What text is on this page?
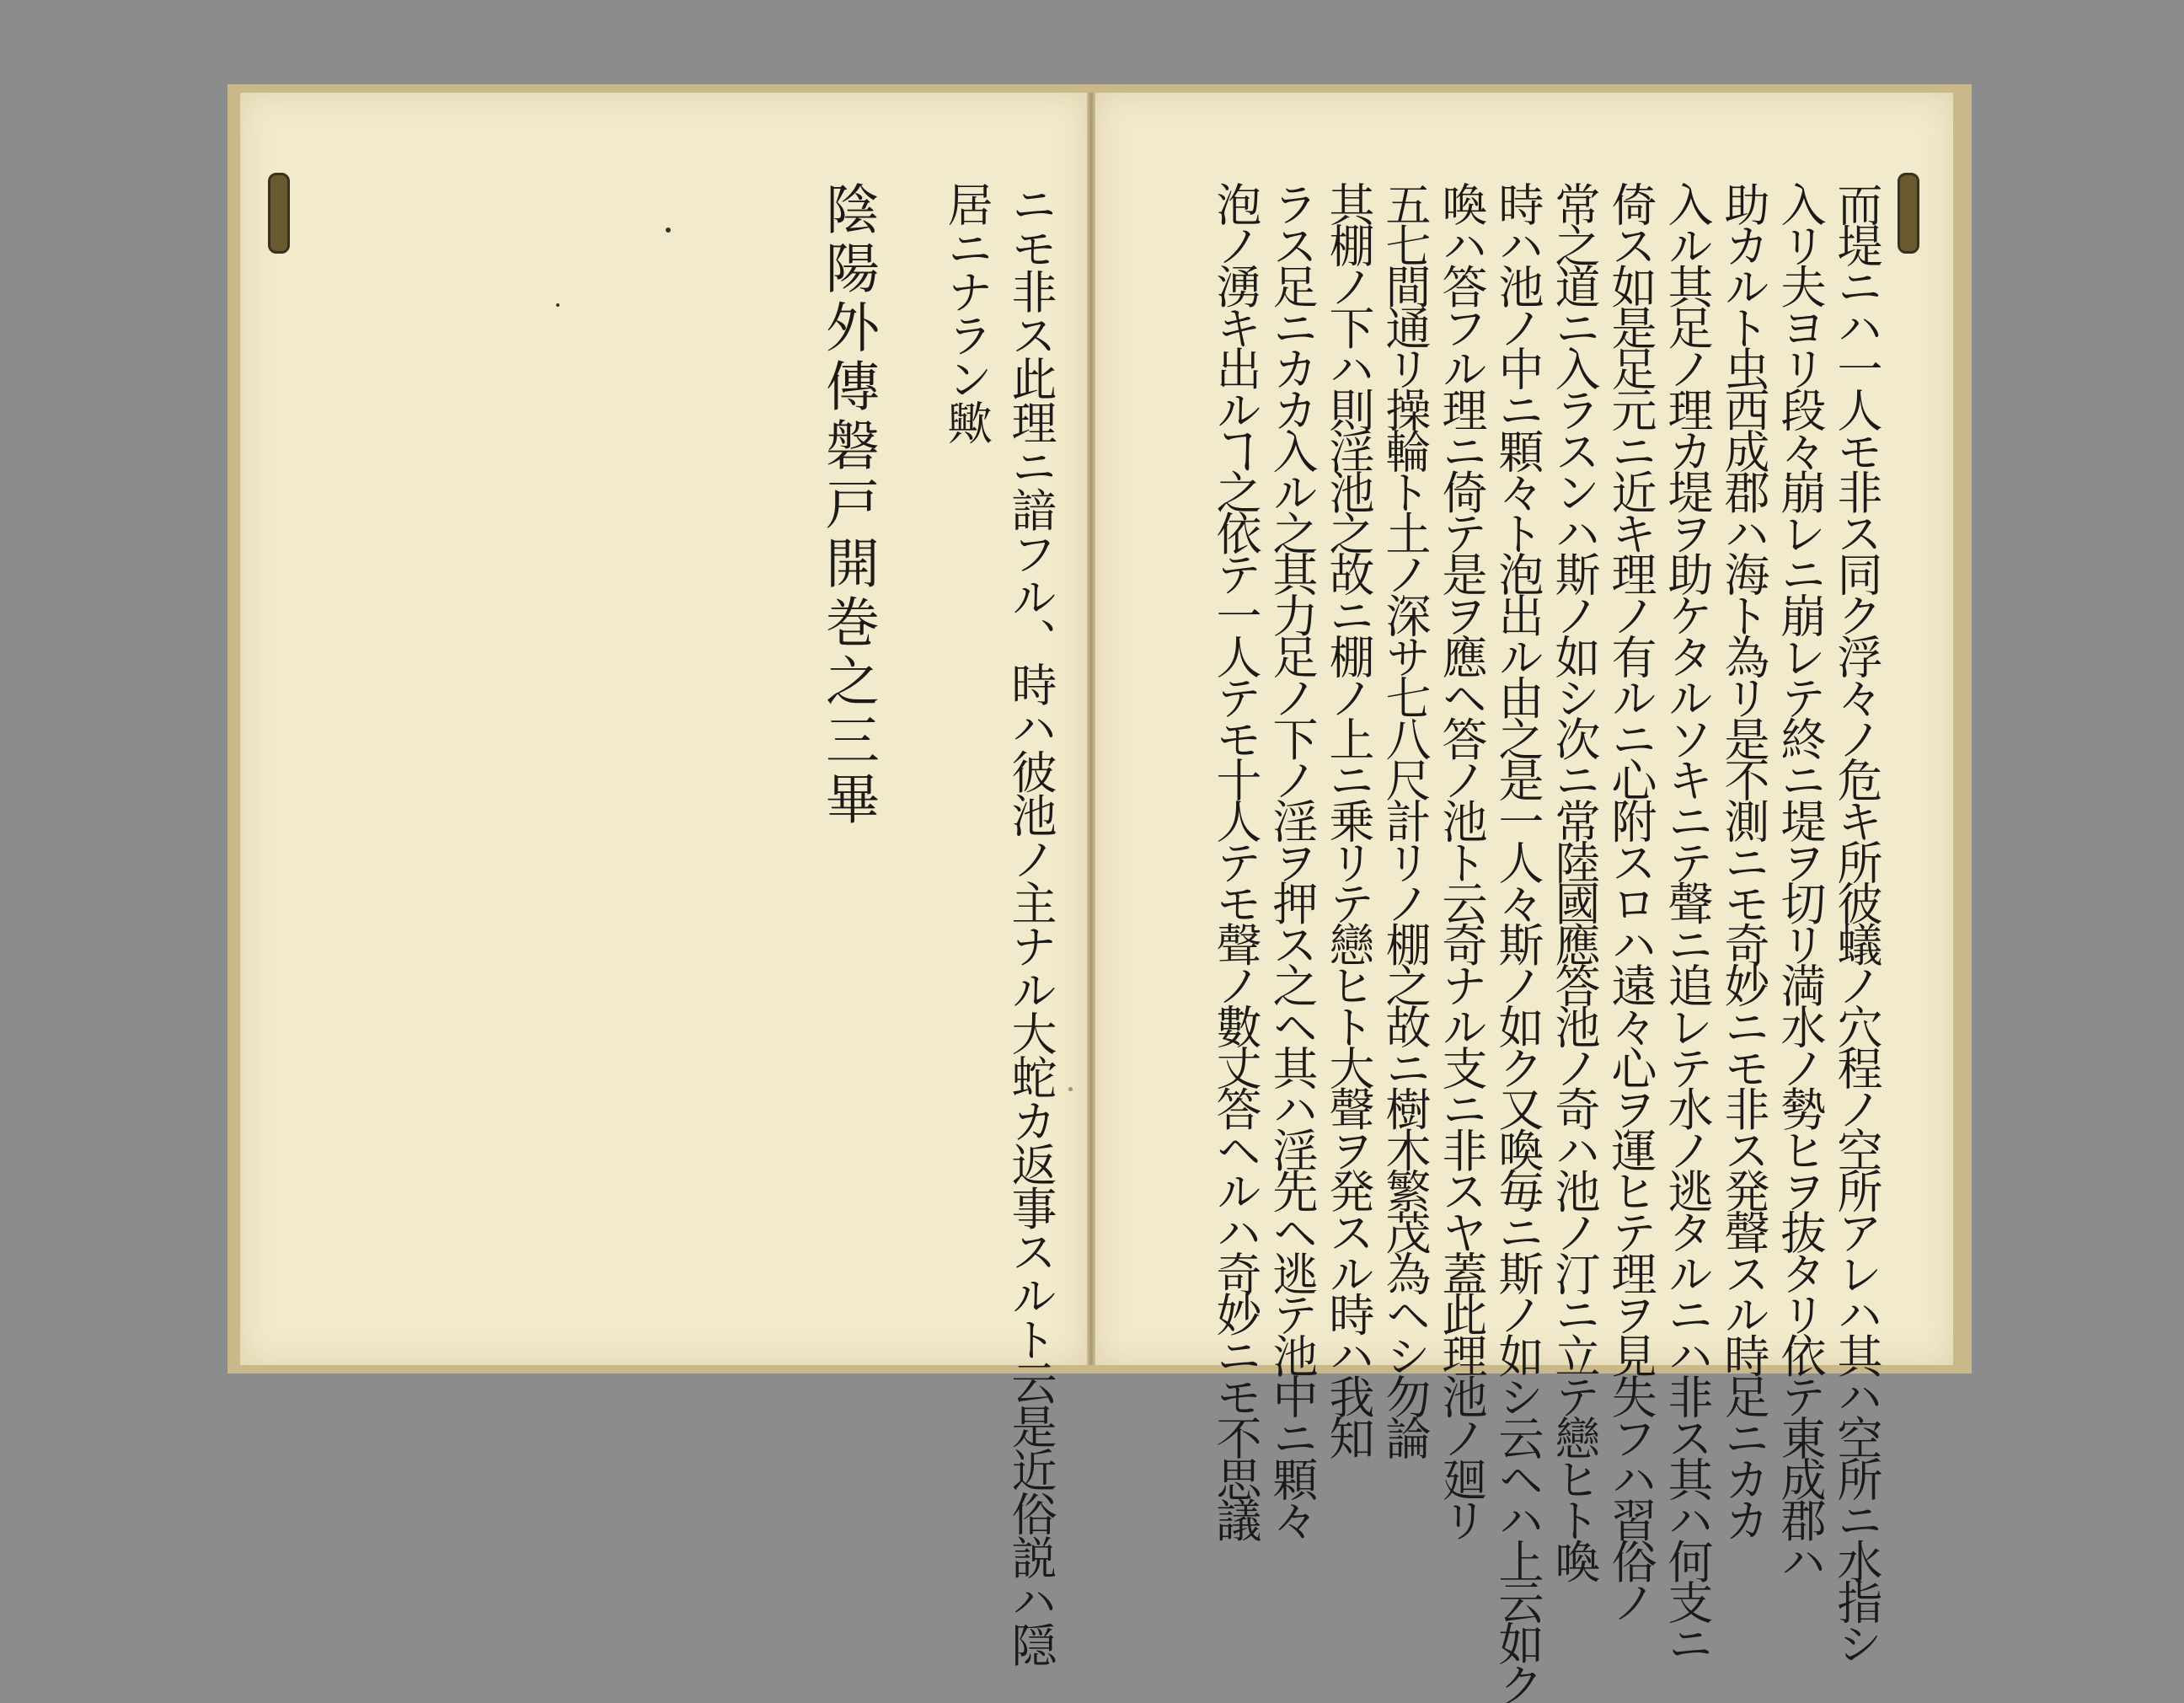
而堤ニハ一人モ非ス同ク浮々ノ危キ所彼蟻ノ穴程ノ空所アレハ其ハ空所ニ水指シ
入リ夫ヨリ段々崩レニ崩レテ終ニ堤ヲ切リ満水ノ勢ヒヲ抜タリ依テ東成郡ハ
助カルト虫西成郡ハ海ト為リ是不測ニモ奇妙ニモ非ス発聲スル時足ニカカ
入ル其足ノ理カ堤ヲ助ケタルソキニテ聲ニ追レテ水ノ逃タルニハ非ス其ハ何支ニ
倚ス如是足元ニ近キ理ノ有ルニ心附スロハ遠々心ヲ運ヒテ理ヲ見失フハ習俗ノ
常之道ニ入ラスンハ斯ノ如シ次ニ常陸國應答池ノ奇ハ池ノ汀ニ立テ戀ヒト喚
時ハ池ノ中ニ顆々ト泡出ル由之是一人々斯ノ如ク又喚毎ニ斯ノ如シ云ヘハ上云如ク
喚ハ答フル理ニ倚テ是ヲ應ヘ答ノ池ト云奇ナル支ニ非スヤ蓋此理池ノ廻リ
五七間通リ操輪ト土ノ深サ七八尺計リノ棚之故ニ樹木繁茂為ヘシ勿論
其棚ノ下ハ則淫池之故ニ棚ノ上ニ乗リテ戀ヒト大聲ヲ発スル時ハ我知
ラス足ニカカ入ル之其力足ノ下ノ淫ヲ押ス之ヘ其ハ淫先ヘ逃テ池中ニ顆々
泡ノ湧キ出ルヿ之依テ一人テモ十人テモ聲ノ數丈答ヘルハ奇妙ニモ不思議
ニモ非ス此理ニ諳フル、時ハ彼池ノ主ナル大蛇カ返事スルト云是近俗説ハ隠
居ニナラン歟
陰陽外傳磐戸開巻之三畢
